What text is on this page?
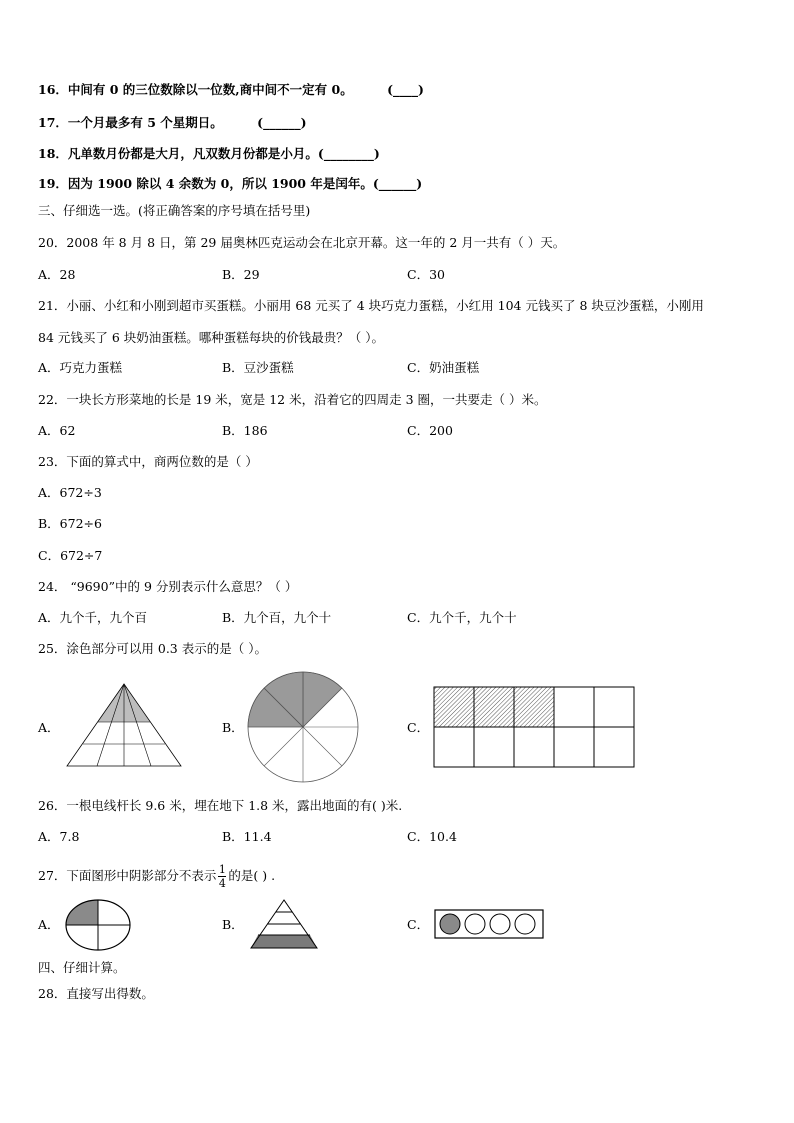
16．中间有 0 的三位数除以一位数,商中间不一定有 0。	(____)
17．一个月最多有 5 个星期日。	(______)
18．凡单数月份都是大月，凡双数月份都是小月。(________)
19．因为 1900 除以 4 余数为 0，所以 1900 年是闰年。(______)
三、仔细选一选。(将正确答案的序号填在括号里)
20．2008 年 8 月 8 日，第 29 届奥林匹克运动会在北京开幕。这一年的 2 月一共有（ ）天。
A．28	B．29	C．30
21．小丽、小红和小刚到超市买蛋糕。小丽用 68 元买了 4 块巧克力蛋糕，小红用 104 元钱买了 8 块豆沙蛋糕，小刚用
84 元钱买了 6 块奶油蛋糕。哪种蛋糕每块的价钱最贵？（ ）。
A．巧克力蛋糕	B．豆沙蛋糕	C．奶油蛋糕
22．一块长方形菜地的长是 19 米，宽是 12 米，沿着它的四周走 3 圈，一共要走（ ）米。
A．62	B．186	C．200
23．下面的算式中，商两位数的是（ ）
A．672÷3
B．672÷6
C．672÷7
24． “9690”中的 9 分别表示什么意思？（ ）
A．九个千，九个百	B．九个百，九个十	C．九个千，九个十
25．涂色部分可以用 0.3 表示的是（ ）。
A．	B．	C．
26．一根电线杆长 9.6 米，埋在地下 1.8 米，露出地面的有( )米.
A．7.8	B．11.4	C．10.4
27．下面图形中阴影部分不表示 $\frac{1}{4}$ 的是( ) .
A．	B．	C．
四、仔细计算。
28．直接写出得数。
